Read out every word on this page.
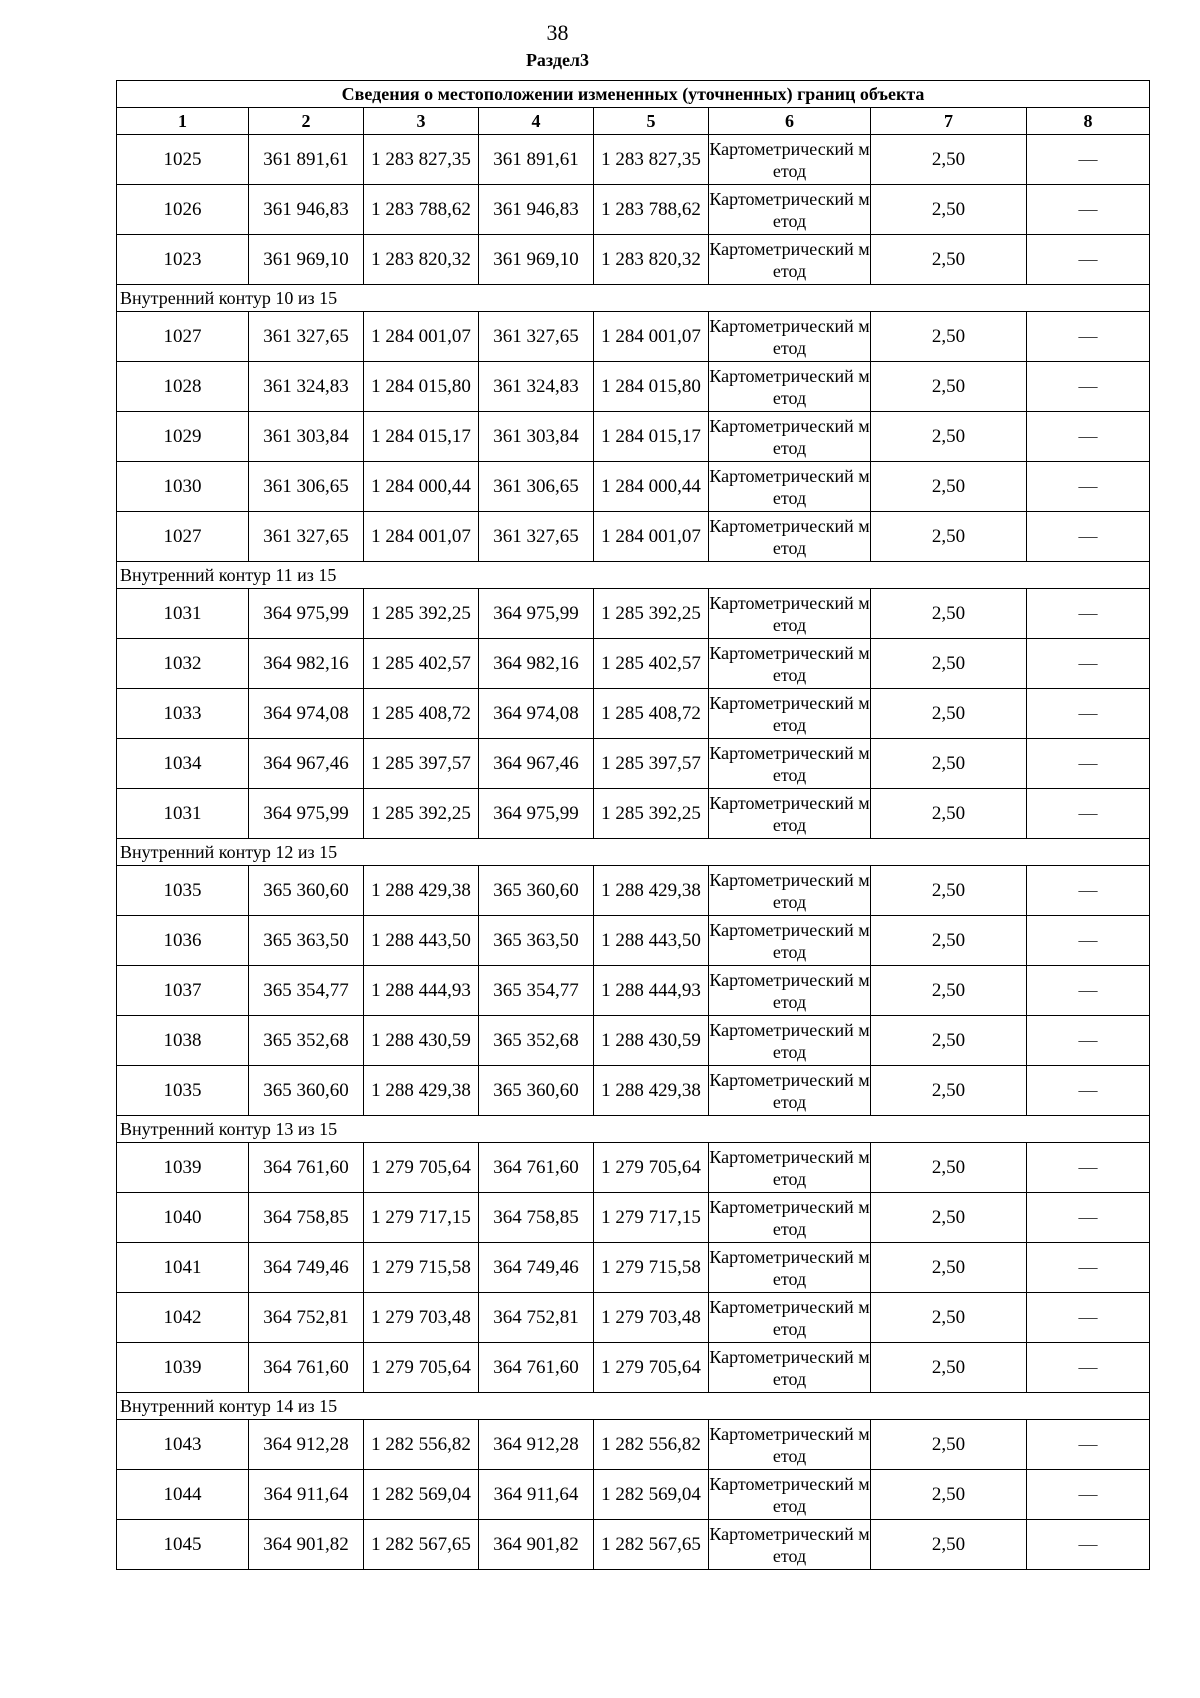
38
Раздел3
Сведения о местоположении измененных (уточненных) границ объекта							
1	2	3	4	5	6	7	8
1025	361 891,61	1 283 827,35	361 891,61	1 283 827,35	Картометрический метод	2,50	—
1026	361 946,83	1 283 788,62	361 946,83	1 283 788,62	Картометрический метод	2,50	—
1023	361 969,10	1 283 820,32	361 969,10	1 283 820,32	Картометрический метод	2,50	—
Внутренний контур 10 из 15							
1027	361 327,65	1 284 001,07	361 327,65	1 284 001,07	Картометрический метод	2,50	—
1028	361 324,83	1 284 015,80	361 324,83	1 284 015,80	Картометрический метод	2,50	—
1029	361 303,84	1 284 015,17	361 303,84	1 284 015,17	Картометрический метод	2,50	—
1030	361 306,65	1 284 000,44	361 306,65	1 284 000,44	Картометрический метод	2,50	—
1027	361 327,65	1 284 001,07	361 327,65	1 284 001,07	Картометрический метод	2,50	—
Внутренний контур 11 из 15							
1031	364 975,99	1 285 392,25	364 975,99	1 285 392,25	Картометрический метод	2,50	—
1032	364 982,16	1 285 402,57	364 982,16	1 285 402,57	Картометрический метод	2,50	—
1033	364 974,08	1 285 408,72	364 974,08	1 285 408,72	Картометрический метод	2,50	—
1034	364 967,46	1 285 397,57	364 967,46	1 285 397,57	Картометрический метод	2,50	—
1031	364 975,99	1 285 392,25	364 975,99	1 285 392,25	Картометрический метод	2,50	—
Внутренний контур 12 из 15							
1035	365 360,60	1 288 429,38	365 360,60	1 288 429,38	Картометрический метод	2,50	—
1036	365 363,50	1 288 443,50	365 363,50	1 288 443,50	Картометрический метод	2,50	—
1037	365 354,77	1 288 444,93	365 354,77	1 288 444,93	Картометрический метод	2,50	—
1038	365 352,68	1 288 430,59	365 352,68	1 288 430,59	Картометрический метод	2,50	—
1035	365 360,60	1 288 429,38	365 360,60	1 288 429,38	Картометрический метод	2,50	—
Внутренний контур 13 из 15							
1039	364 761,60	1 279 705,64	364 761,60	1 279 705,64	Картометрический метод	2,50	—
1040	364 758,85	1 279 717,15	364 758,85	1 279 717,15	Картометрический метод	2,50	—
1041	364 749,46	1 279 715,58	364 749,46	1 279 715,58	Картометрический метод	2,50	—
1042	364 752,81	1 279 703,48	364 752,81	1 279 703,48	Картометрический метод	2,50	—
1039	364 761,60	1 279 705,64	364 761,60	1 279 705,64	Картометрический метод	2,50	—
Внутренний контур 14 из 15							
1043	364 912,28	1 282 556,82	364 912,28	1 282 556,82	Картометрический метод	2,50	—
1044	364 911,64	1 282 569,04	364 911,64	1 282 569,04	Картометрический метод	2,50	—
1045	364 901,82	1 282 567,65	364 901,82	1 282 567,65	Картометрический метод	2,50	—
